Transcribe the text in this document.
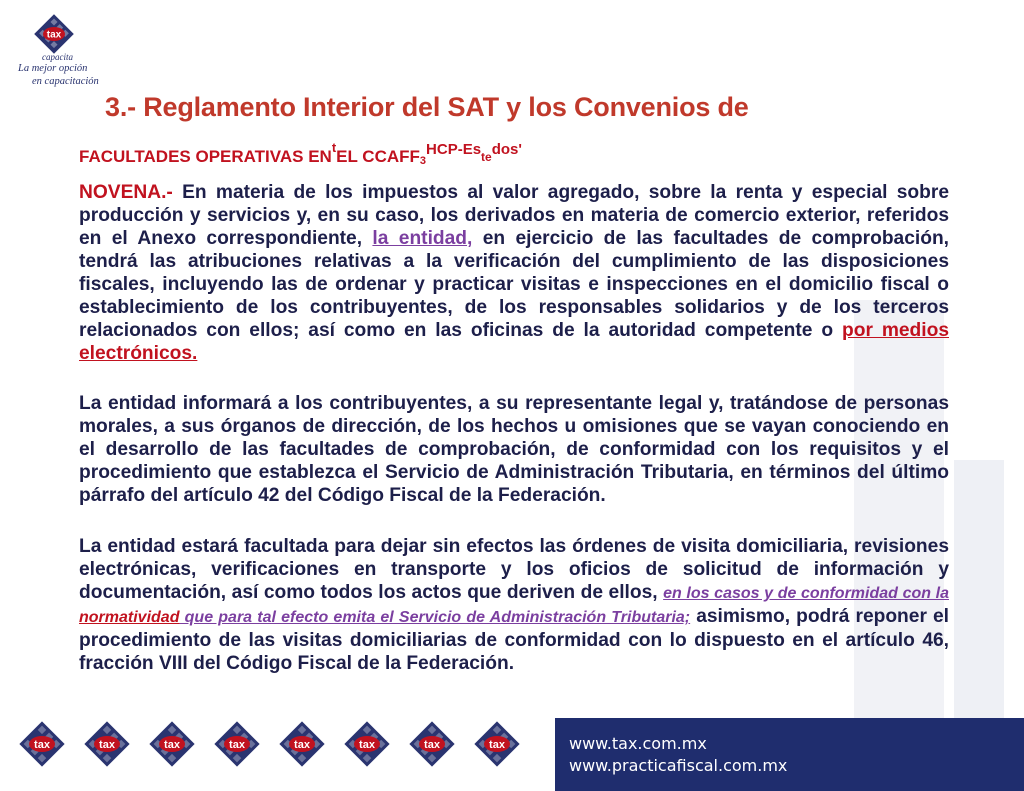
tax
capacita
La mejor opción
en capacitación
3.- Reglamento Interior del SAT y los Convenios de
FACULTADES OPERATIVAS $EN^tEL$ $CCAFF_3HCP-Estedos'$

NOVENA.- En materia de los impuestos al valor agregado, sobre la renta y especial sobre producción y servicios y, en su caso, los derivados en materia de comercio exterior, referidos en el Anexo correspondiente, la entidad, en ejercicio de las facultades de comprobación, tendrá las atribuciones relativas a la verificación del cumplimiento de las disposiciones fiscales, incluyendo las de ordenar y practicar visitas e inspecciones en el domicilio fiscal o establecimiento de los contribuyentes, de los responsables solidarios y de los terceros relacionados con ellos; así como en las oficinas de la autoridad competente o por medios electrónicos.

La entidad informará a los contribuyentes, a su representante legal y, tratándose de personas morales, a sus órganos de dirección, de los hechos u omisiones que se vayan conociendo en el desarrollo de las facultades de comprobación, de conformidad con los requisitos y el procedimiento que establezca el Servicio de Administración Tributaria, en términos del último párrafo del artículo 42 del Código Fiscal de la Federación.

La entidad estará facultada para dejar sin efectos las órdenes de visita domiciliaria, revisiones electrónicas, verificaciones en transporte y los oficios de solicitud de información y documentación, así como todos los actos que deriven de ellos, en los casos y de conformidad con la normatividad que para tal efecto emita el Servicio de Administración Tributaria; asimismo, podrá reponer el procedimiento de las visitas domiciliarias de conformidad con lo dispuesto en el artículo 46, fracción VIII del Código Fiscal de la Federación.

tax	tax	tax	tax	tax	tax	tax	tax	www.tax.com.mx
www.practicafiscal.com.mx
